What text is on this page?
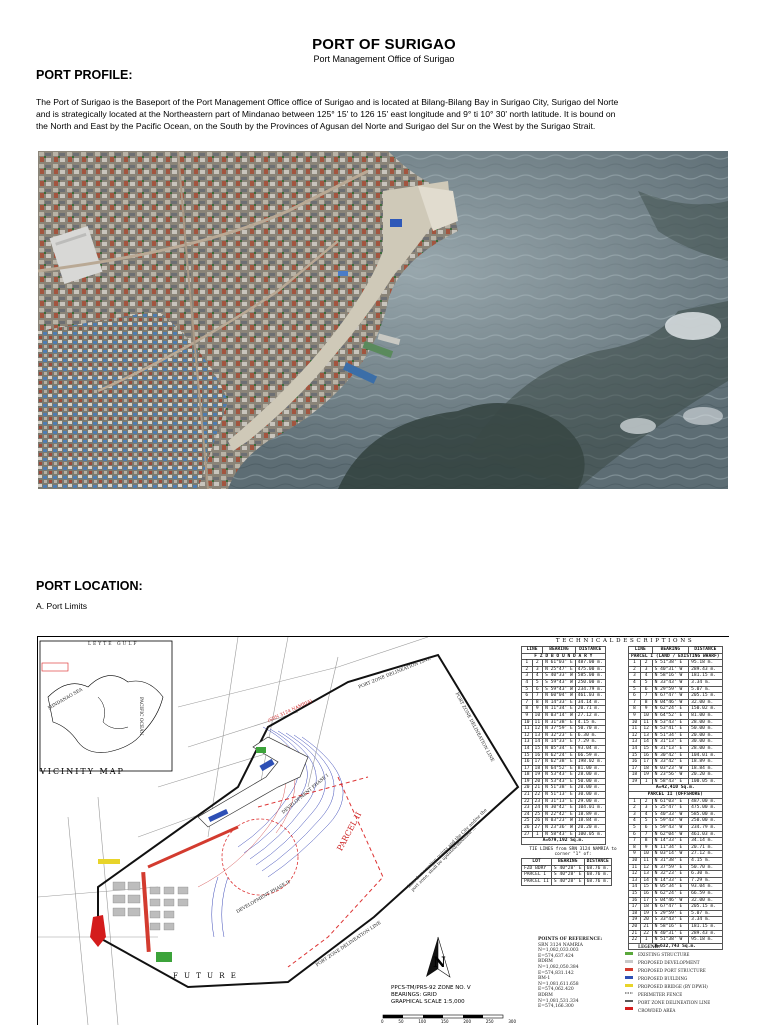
PORT OF SURIGAO
Port Management Office of Surigao
PORT PROFILE:

The Port of Surigao is the Baseport of the Port Management Office office of Surigao and is located at Bilang-Bilang Bay in Surigao City, Surigao del Norte

and is strategically located at the Northeastern part of Mindanao between 125° 15' to 126 15' east longitude and 9° ti 10° 30' north latitude. It is bound on

the North and East by the Pacific Ocean, on the South by the Provinces of Agusan del Norte and Surigao del Sur on the West by the Surigao Strait.

PORT LOCATION:
A. Port Limits
N
LEYTE GULF
MINDANAO SEA	PACIFIC OCEAN
VICINITY MAP
(SRN 3124 NAMRIA)
PORT ZONE DELINEATION LINE
PORT ZONE DELINEATION LINE
PORT ZONE DELINEATION LINE
PARCEL II
DEVELOPMENT PHASE I
DEVELOPMENT PHASE II
F U T U R E
Line demarcation points and the City and/or the port zone, shall be updated/modified ...
POINTS OF REFERENCE:
SRN 3124 NAMRIA
N=1,082,033.003
E=574,637.424
BDRM
N=1,082,050.384
E=574,831.142
BM-1
N=1,081,611.658
E=574,062.420
BDRM
N=1,081,531.334
E=574,166.300
LEGEND:
EXISTING STRUCTURE
PROPOSED DEVELOPMENT
PROPOSED PORT STRUCTURE
PROPOSED BUILDING
PROPOSED BRIDGE (BY DPWH)
PERIMETER FENCE
PORT ZONE DELINEATION LINE
CROWDED AREA
PPCS-TM/PRS-92 ZONE NO. V
BEARINGS: GRID
GRAPHICAL SCALE 1:5,000
0	50	100	150	200	250	300
T E C H N I C A L D E S C R I P T I O N S
LINE		BEARING	DISTANCE
F Z D B O U N D A R Y			
1	2	N 61°03' E	487.00 m.
2	3	N 25°47' E	475.00 m.
3	4	S 40°33' W	585.00 m.
4	5	S 59°43' W	250.00 m.
5	6	S 59°43' W	234.79 m.
6	7	N 60°04' W	461.03 m.
7	8	N 14°33' E	34.14 m.
8	9	N 11°34' E	20.71 m.
9	10	N 03°14' W	27.12 m.
10	11	N 31°38' E	4.15 m.
11	12	N 37°59' E	50.70 m.
12	13	N 32°23' E	6.30 m.
13	14	N 14°33' E	7.29 m.
14	15	N 05°34' E	93.04 m.
15	16	N 62°24' E	66.59 m.
16	17	N 62°38' E	198.02 m.
17	18	N 64°52' E	81.00 m.
18	19	N 53°43' E	28.00 m.
19	20	N 53°43' E	50.00 m.
20	21	N 51°38' E	20.00 m.
21	22	N 51°13' E	30.00 m.
22	23	N 31°13' E	29.00 m.
23	24	N 30°42' E	104.01 m.
24	25	N 22°42' E	18.89 m.
25	26	N 03°23' W	18.84 m.
26	27	N 23°36' W	20.20 m.
27	1	N 58°43' E	100.05 m.
A=679,192 Sq.m.			
TIE LINES from SRN 3124 NAMRIA to corner "1" of:
LOT	BEARING	DISTANCE
FZD BDRY	S 40°28' E	68.76 m.
PARCEL I	S 40°28' E	68.76 m.
PARCEL II	S 40°28' E	68.76 m.
LINE		BEARING	DISTANCE
PARCEL I (LAND / EXISTING WHARF)			
1	2	S 51°38' E	95.18 m.
2	3	S 40°31' W	289.43 m.
3	4	N 58°16' W	181.15 m.
4	5	N 33°43' W	3.34 m.
5	6	N 29°59' W	5.07 m.
6	7	N 67°47' W	205.15 m.
7	8	N 04°46' W	32.00 m.
8	9	N 62°24' E	150.02 m.
9	10	N 64°52' E	81.00 m.
10	11	N 53°43' E	28.00 m.
11	12	N 53°41' E	50.00 m.
12	13	N 51°34' E	20.00 m.
13	14	N 31°13' E	30.00 m.
14	15	N 31°13' E	28.00 m.
15	16	N 30°42' E	104.01 m.
16	17	N 33°42' E	18.89 m.
17	18	N 03°23' W	18.84 m.
18	19	N 23°56' W	20.20 m.
19	1	N 58°43' E	100.05 m.
A=42,410 Sq.m.			
PARCEL II (OFFSHORE)			
1	2	N 61°03' E	487.00 m.
2	3	S 25°47' E	475.00 m.
3	4	S 40°33' W	585.00 m.
4	5	S 59°43' W	250.00 m.
5	6	S 59°43' W	234.79 m.
6	7	N 62°04' W	461.03 m.
7	8	N 14°33' E	34.14 m.
8	9	N 11°34' E	20.71 m.
9	10	N 03°14' W	27.12 m.
10	11	N 31°38' E	4.15 m.
11	12	N 37°59' E	50.70 m.
12	13	N 32°23' E	6.30 m.
13	14	N 14°33' E	7.29 m.
14	15	N 05°34' E	93.04 m.
15	16	N 62°24' E	66.59 m.
16	17	S 04°46' W	32.00 m.
17	18	N 67°47' E	205.15 m.
18	19	S 29°59' E	5.07 m.
19	20	S 33°43' E	3.34 m.
20	21	N 58°16' E	181.15 m.
21	22	N 40°31' E	289.43 m.
22	1	N 51°38' W	95.18 m.
A=632,743 Sq.m.			
